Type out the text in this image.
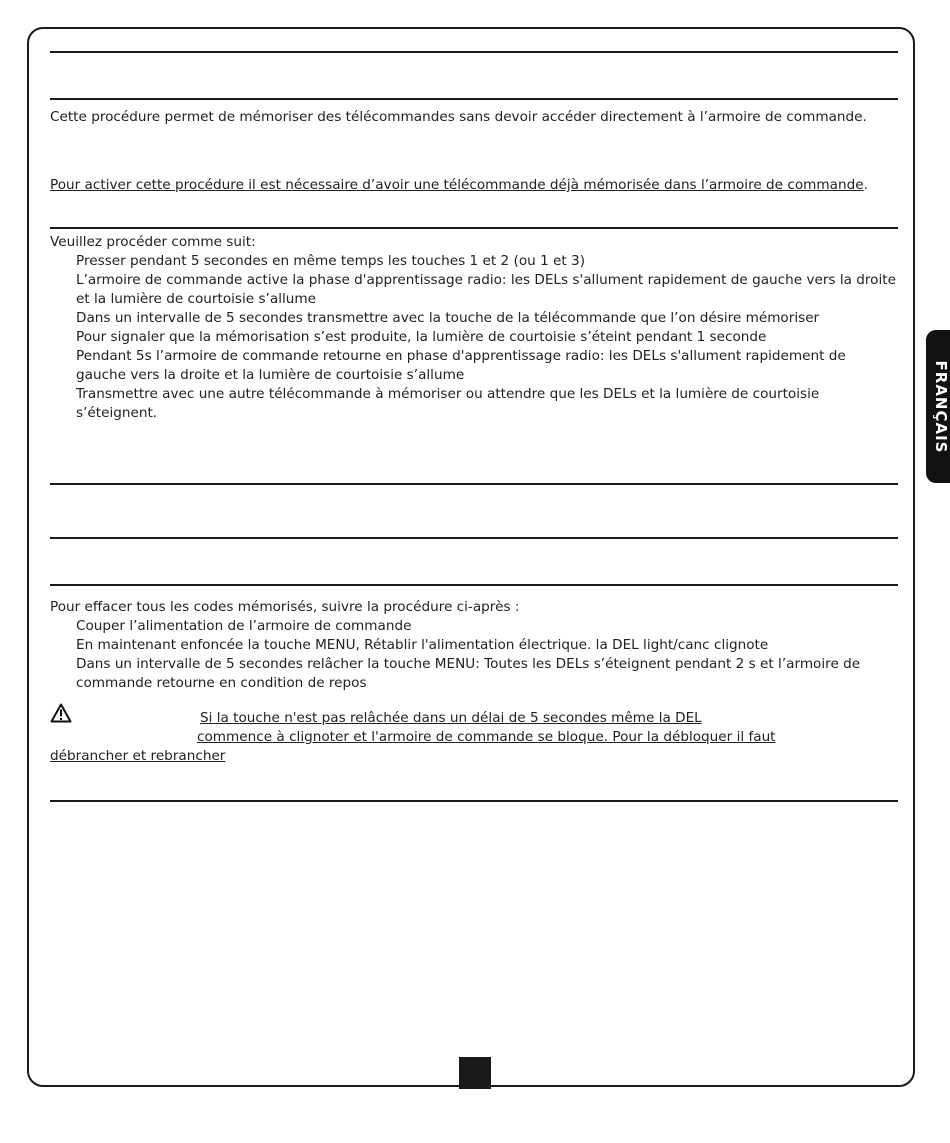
FRANÇAIS

Cette procédure permet de mémoriser des télécommandes sans devoir accéder directement à l’armoire de commande.

Pour activer cette procédure il est nécessaire d’avoir une télécommande déjà mémorisée dans l’armoire de commande.

Veuillez procéder comme suit:
Presser pendant 5 secondes en même temps les touches 1 et 2 (ou 1 et 3)
L’armoire de commande active la phase d'apprentissage radio: les DELs s'allument rapidement de gauche vers la droite et la lumière de courtoisie s’allume
Dans un intervalle de 5 secondes transmettre avec la touche de la télécommande que l’on désire mémoriser
Pour signaler que la mémorisation s’est produite, la lumière de courtoisie s’éteint pendant 1 seconde
Pendant 5s l’armoire de commande retourne en phase d'apprentissage radio: les DELs s'allument rapidement de gauche vers la droite et la lumière de courtoisie s’allume
Transmettre avec une autre télécommande à mémoriser ou attendre que les DELs et la lumière de courtoisie s’éteignent.
Pour effacer tous les codes mémorisés, suivre la procédure ci-après :
Couper l’alimentation de l’armoire de commande
En maintenant enfoncée la touche MENU, Rétablir l'alimentation électrique. la DEL light/canc clignote
Dans un intervalle de 5 secondes relâcher la touche MENU: Toutes les DELs s’éteignent pendant 2 s et l’armoire de commande retourne en condition de repos
Si la touche n'est pas relâchée dans un délai de 5 secondes même la DEL
commence à clignoter et l'armoire de commande se bloque. Pour la débloquer il faut
débrancher et rebrancher
